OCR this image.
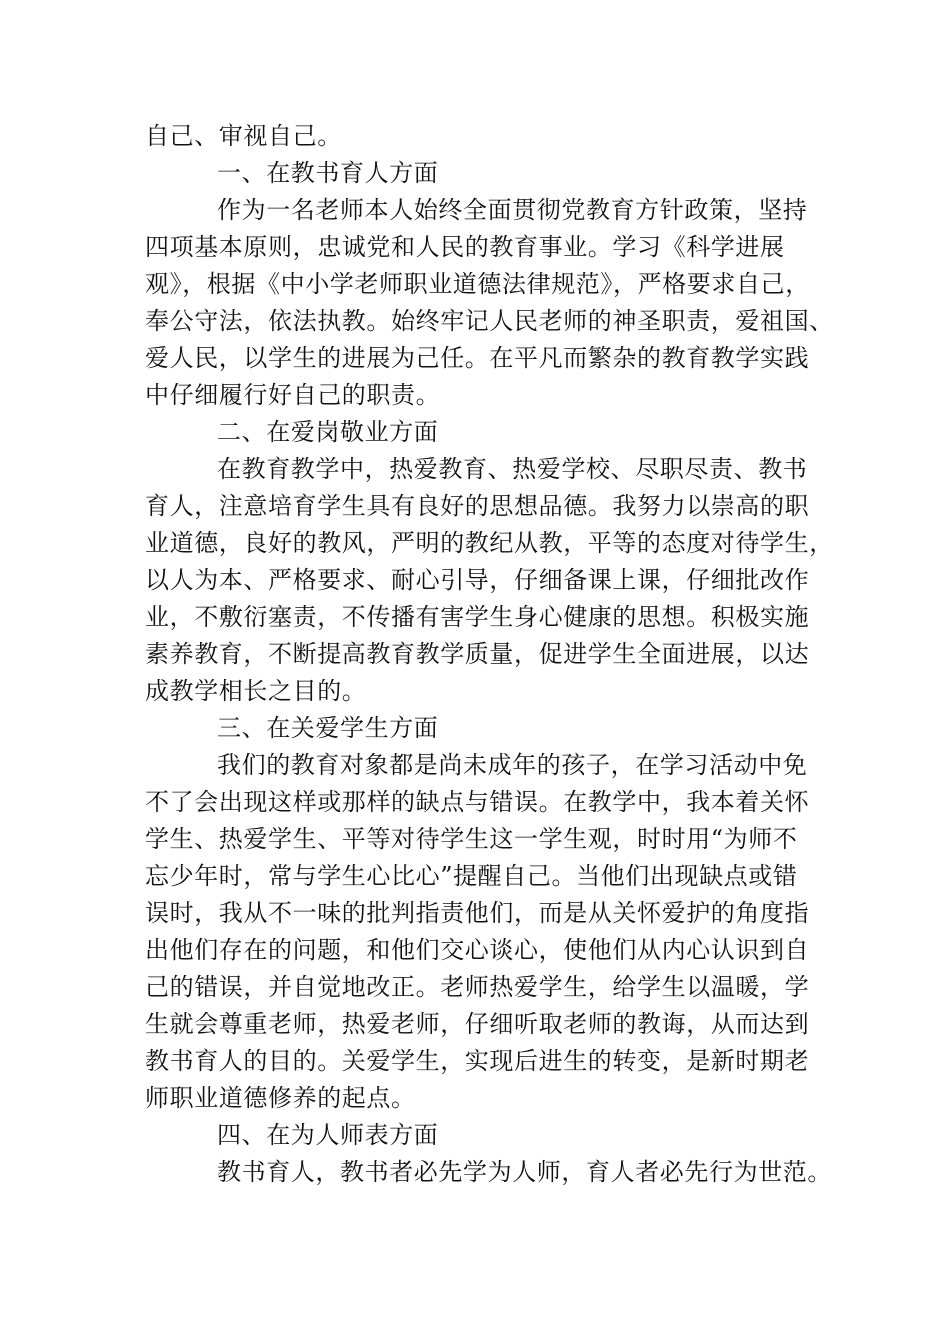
自己、审视自己。
一、在教书育人方面
作为一名老师本人始终全面贯彻党教育方针政策，坚持
四项基本原则，忠诚党和人民的教育事业。学习《科学进展
观》，根据《中小学老师职业道德法律规范》，严格要求自己，
奉公守法，依法执教。始终牢记人民老师的神圣职责，爱祖国、
爱人民，以学生的进展为己任。在平凡而繁杂的教育教学实践
中仔细履行好自己的职责。
二、在爱岗敬业方面
在教育教学中，热爱教育、热爱学校、尽职尽责、教书
育人，注意培育学生具有良好的思想品德。我努力以崇高的职
业道德，良好的教风，严明的教纪从教，平等的态度对待学生，
以人为本、严格要求、耐心引导，仔细备课上课，仔细批改作
业，不敷衍塞责，不传播有害学生身心健康的思想。积极实施
素养教育，不断提高教育教学质量，促进学生全面进展，以达
成教学相长之目的。
三、在关爱学生方面
我们的教育对象都是尚未成年的孩子，在学习活动中免
不了会出现这样或那样的缺点与错误。在教学中，我本着关怀
学生、热爱学生、平等对待学生这一学生观，时时用“为师不
忘少年时，常与学生心比心”提醒自己。当他们出现缺点或错
误时，我从不一味的批判指责他们，而是从关怀爱护的角度指
出他们存在的问题，和他们交心谈心，使他们从内心认识到自
己的错误，并自觉地改正。老师热爱学生，给学生以温暖，学
生就会尊重老师，热爱老师，仔细听取老师的教诲，从而达到
教书育人的目的。关爱学生，实现后进生的转变，是新时期老
师职业道德修养的起点。
四、在为人师表方面
教书育人，教书者必先学为人师，育人者必先行为世范。
